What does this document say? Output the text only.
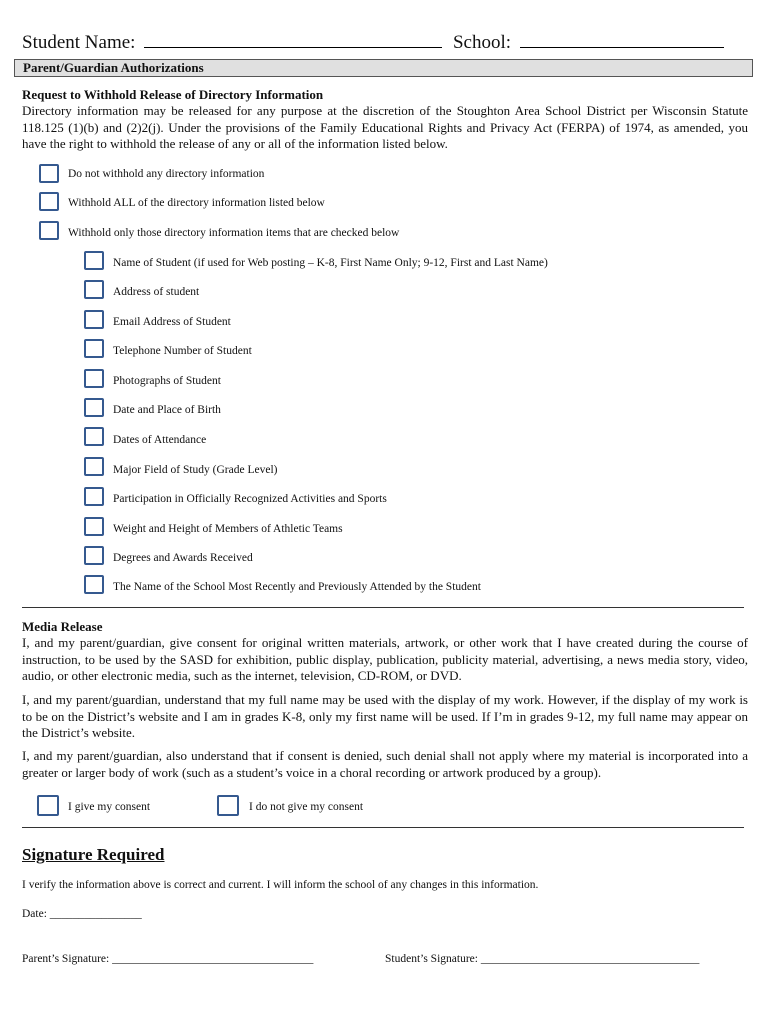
Student Name:	School:
Parent/Guardian Authorizations
Request to Withhold Release of Directory Information
Directory information may be released for any purpose at the discretion of the Stoughton Area School District per Wisconsin Statute 118.125 (1)(b) and (2)2(j). Under the provisions of the Family Educational Rights and Privacy Act (FERPA) of 1974, as amended, you have the right to withhold the release of any or all of the information listed below.
Do not withhold any directory information
Withhold ALL of the directory information listed below
Withhold only those directory information items that are checked below
Name of Student (if used for Web posting – K-8, First Name Only; 9-12, First and Last Name)
Address of student
Email Address of Student
Telephone Number of Student
Photographs of Student
Date and Place of Birth
Dates of Attendance
Major Field of Study (Grade Level)
Participation in Officially Recognized Activities and Sports
Weight and Height of Members of Athletic Teams
Degrees and Awards Received
The Name of the School Most Recently and Previously Attended by the Student
Media Release
I, and my parent/guardian, give consent for original written materials, artwork, or other work that I have created during the course of instruction, to be used by the SASD for exhibition, public display, publication, publicity material, advertising, a news media story, video, audio, or other electronic media, such as the internet, television, CD-ROM, or DVD.
I, and my parent/guardian, understand that my full name may be used with the display of my work. However, if the display of my work is to be on the District’s website and I am in grades K-8, only my first name will be used. If I’m in grades 9-12, my full name may appear on the District’s website.
I, and my parent/guardian, also understand that if consent is denied, such denial shall not apply where my material is incorporated into a greater or larger body of work (such as a student’s voice in a choral recording or artwork produced by a group).
I give my consent	I do not give my consent
Signature Required
I verify the information above is correct and current. I will inform the school of any changes in this information.
Date: ________________
Parent’s Signature: ___________________________________	Student’s Signature: ______________________________________
